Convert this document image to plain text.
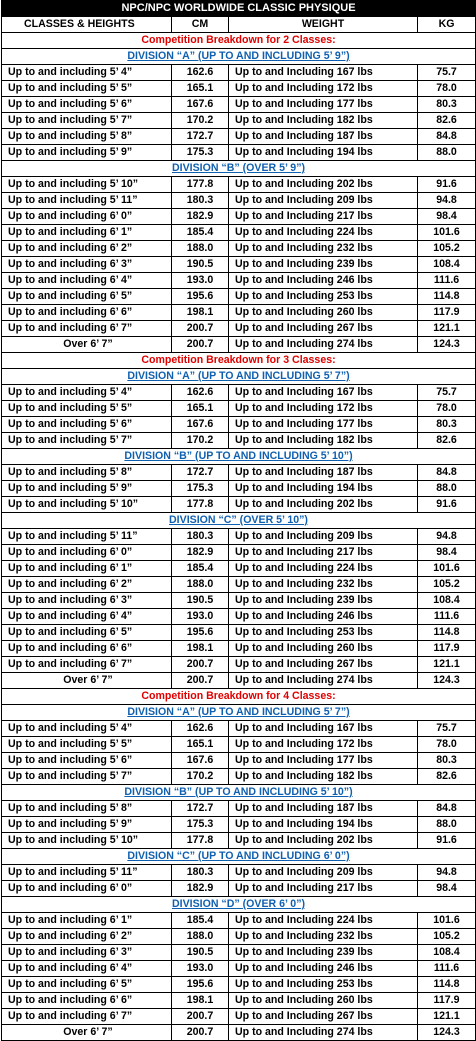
NPC/NPC WORLDWIDE CLASSIC PHYSIQUE			
CLASSES & HEIGHTS	CM	WEIGHT	KG
Competition Breakdown for 2 Classes:			
DIVISION “A” (UP TO AND INCLUDING 5’ 9”)			
Up to and including 5’ 4”	162.6	Up to and Including 167 lbs	75.7
Up to and including 5’ 5”	165.1	Up to and Including 172 lbs	78.0
Up to and including 5’ 6”	167.6	Up to and Including 177 lbs	80.3
Up to and including 5’ 7”	170.2	Up to and Including 182 lbs	82.6
Up to and including 5’ 8”	172.7	Up to and Including 187 lbs	84.8
Up to and including 5’ 9”	175.3	Up to and Including 194 lbs	88.0
DIVISION “B” (OVER 5’ 9”)			
Up to and including 5’ 10”	177.8	Up to and Including 202 lbs	91.6
Up to and including 5’ 11”	180.3	Up to and Including 209 lbs	94.8
Up to and including 6’ 0”	182.9	Up to and Including 217 lbs	98.4
Up to and including 6’ 1”	185.4	Up to and Including 224 lbs	101.6
Up to and including 6’ 2”	188.0	Up to and Including 232 lbs	105.2
Up to and including 6’ 3”	190.5	Up to and Including 239 lbs	108.4
Up to and including 6’ 4”	193.0	Up to and Including 246 lbs	111.6
Up to and including 6’ 5”	195.6	Up to and Including 253 lbs	114.8
Up to and including 6’ 6”	198.1	Up to and Including 260 lbs	117.9
Up to and including 6’ 7”	200.7	Up to and Including 267 lbs	121.1
Over 6’ 7”	200.7	Up to and Including 274 lbs	124.3
Competition Breakdown for 3 Classes:			
DIVISION “A” (UP TO AND INCLUDING 5’ 7”)			
Up to and including 5’ 4”	162.6	Up to and Including 167 lbs	75.7
Up to and including 5’ 5”	165.1	Up to and Including 172 lbs	78.0
Up to and including 5’ 6”	167.6	Up to and Including 177 lbs	80.3
Up to and including 5’ 7”	170.2	Up to and Including 182 lbs	82.6
DIVISION “B” (UP TO AND INCLUDING 5’ 10”)			
Up to and including 5’ 8”	172.7	Up to and Including 187 lbs	84.8
Up to and including 5’ 9”	175.3	Up to and Including 194 lbs	88.0
Up to and including 5’ 10”	177.8	Up to and Including 202 lbs	91.6
DIVISION “C” (OVER 5’ 10”)			
Up to and including 5’ 11”	180.3	Up to and Including 209 lbs	94.8
Up to and including 6’ 0”	182.9	Up to and Including 217 lbs	98.4
Up to and including 6’ 1”	185.4	Up to and Including 224 lbs	101.6
Up to and including 6’ 2”	188.0	Up to and Including 232 lbs	105.2
Up to and including 6’ 3”	190.5	Up to and Including 239 lbs	108.4
Up to and including 6’ 4”	193.0	Up to and Including 246 lbs	111.6
Up to and including 6’ 5”	195.6	Up to and Including 253 lbs	114.8
Up to and including 6’ 6”	198.1	Up to and Including 260 lbs	117.9
Up to and including 6’ 7”	200.7	Up to and Including 267 lbs	121.1
Over 6’ 7”	200.7	Up to and Including 274 lbs	124.3
Competition Breakdown for 4 Classes:			
DIVISION “A” (UP TO AND INCLUDING 5’ 7”)			
Up to and including 5’ 4”	162.6	Up to and Including 167 lbs	75.7
Up to and including 5’ 5”	165.1	Up to and Including 172 lbs	78.0
Up to and including 5’ 6”	167.6	Up to and Including 177 lbs	80.3
Up to and including 5’ 7”	170.2	Up to and Including 182 lbs	82.6
DIVISION “B” (UP TO AND INCLUDING 5’ 10”)			
Up to and including 5’ 8”	172.7	Up to and Including 187 lbs	84.8
Up to and including 5’ 9”	175.3	Up to and Including 194 lbs	88.0
Up to and including 5’ 10”	177.8	Up to and Including 202 lbs	91.6
DIVISION “C” (UP TO AND INCLUDING 6’ 0”)			
Up to and including 5’ 11”	180.3	Up to and Including 209 lbs	94.8
Up to and including 6’ 0”	182.9	Up to and Including 217 lbs	98.4
DIVISION “D” (OVER 6’ 0”)			
Up to and including 6’ 1”	185.4	Up to and Including 224 lbs	101.6
Up to and including 6’ 2”	188.0	Up to and Including 232 lbs	105.2
Up to and including 6’ 3”	190.5	Up to and Including 239 lbs	108.4
Up to and including 6’ 4”	193.0	Up to and Including 246 lbs	111.6
Up to and including 6’ 5”	195.6	Up to and Including 253 lbs	114.8
Up to and including 6’ 6”	198.1	Up to and Including 260 lbs	117.9
Up to and including 6’ 7”	200.7	Up to and Including 267 lbs	121.1
Over 6’ 7”	200.7	Up to and Including 274 lbs	124.3
